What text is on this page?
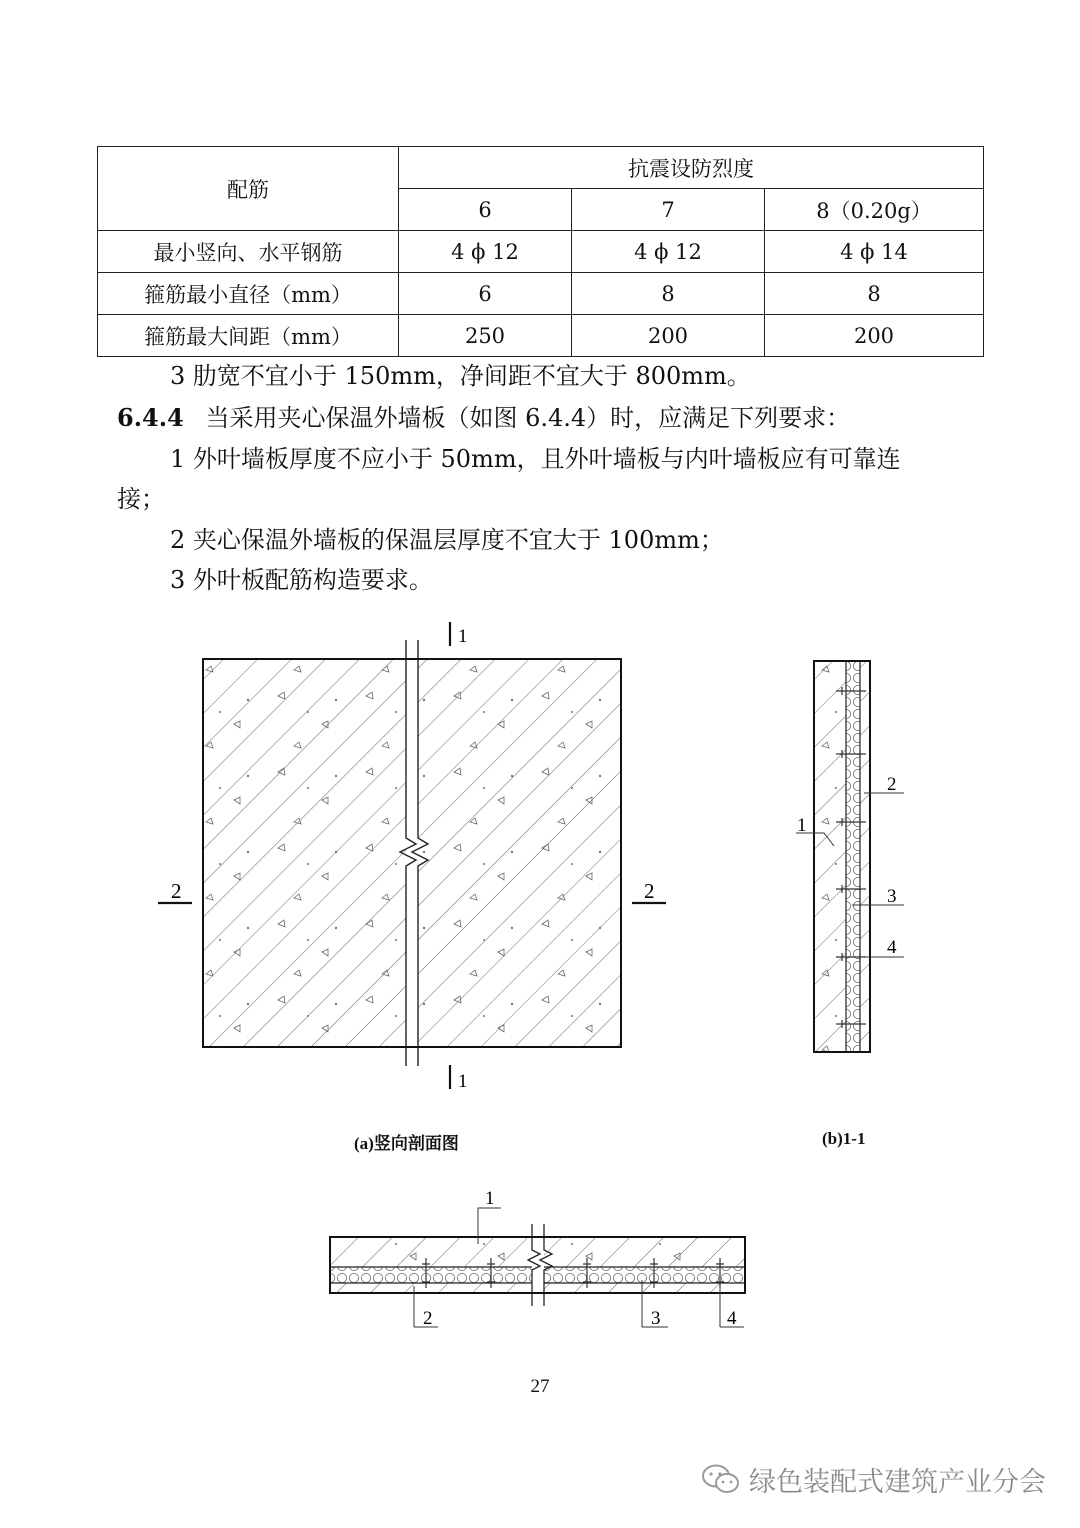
配筋	抗震设防烈度		
	6	7	8（0.20g）
最小竖向、水平钢筋	4 ϕ 12	4 ϕ 12	4 ϕ 14
箍筋最小直径（mm）	6	8	8
箍筋最大间距（mm）	250	200	200
3 肋宽不宜小于 150mm，净间距不宜大于 800mm。
6.4.4 当采用夹心保温外墙板（如图 6.4.4）时，应满足下列要求：
1 外叶墙板厚度不应小于 50mm，且外叶墙板与内叶墙板应有可靠连
接；
2 夹心保温外墙板的保温层厚度不宜大于 100mm；
3 外叶板配筋构造要求。
1
1
2	2
1
2
3
4
1
2	3	4
(a)竖向剖面图	(b)1-1
27
绿色装配式建筑产业分会
